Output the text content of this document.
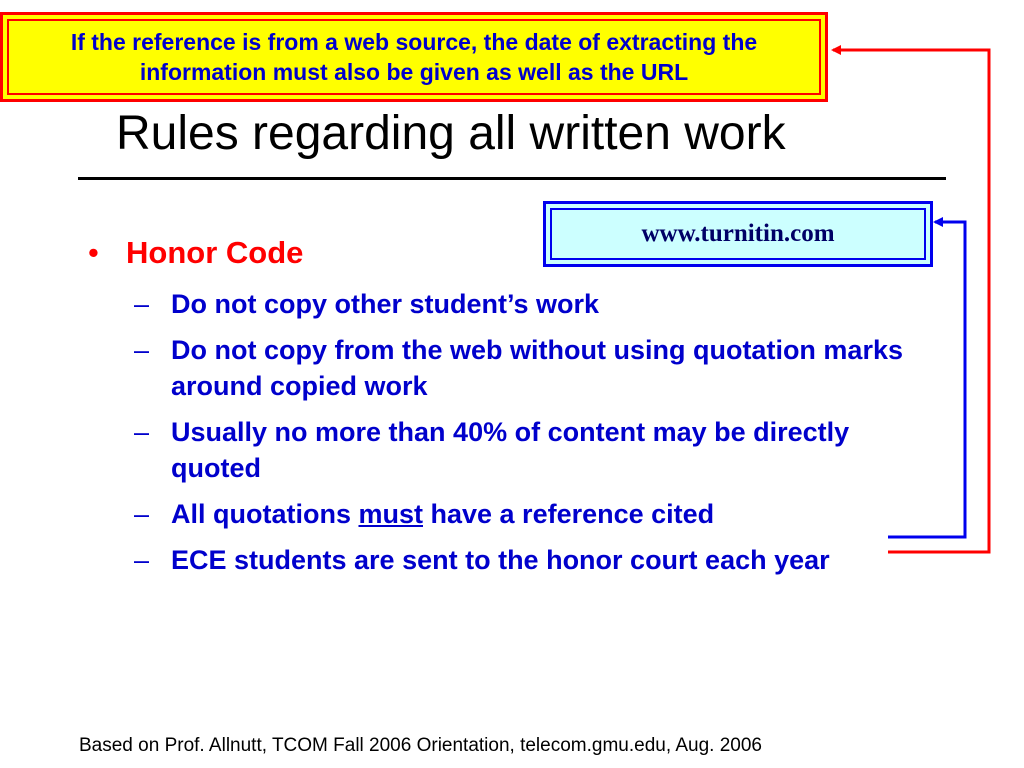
If the reference is from a web source, the date of extracting the information must also be given as well as the URL
Rules regarding all written work
www.turnitin.com
• Honor Code
– Do not copy other student’s work
– Do not copy from the web without using quotation marks around copied work
– Usually no more than 40% of content may be directly quoted
– All quotations must have a reference cited
– ECE students are sent to the honor court each year
Based on Prof. Allnutt, TCOM Fall 2006 Orientation, telecom.gmu.edu, Aug. 2006
